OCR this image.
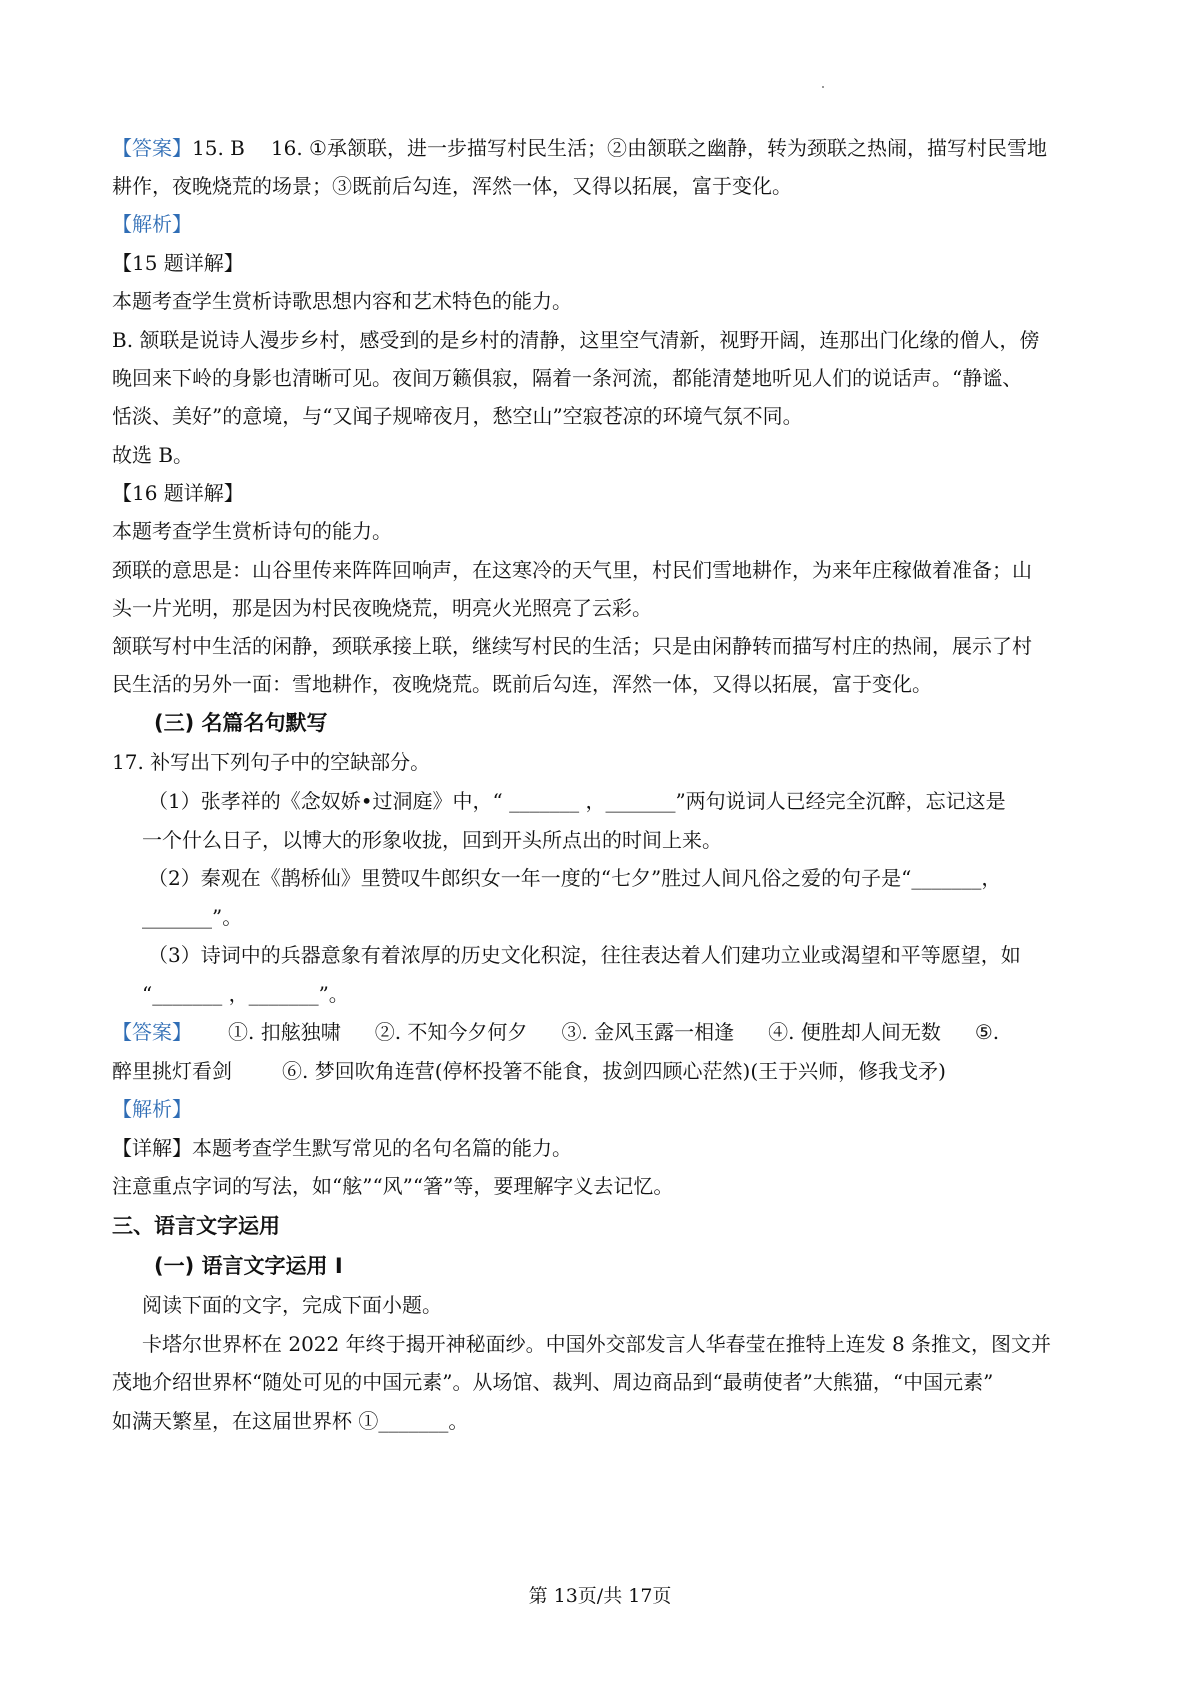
【答案】15. B 16. ①承颔联，进一步描写村民生活；②由颔联之幽静，转为颈联之热闹，描写村民雪地
耕作，夜晚烧荒的场景；③既前后勾连，浑然一体，又得以拓展，富于变化。
【解析】
【15 题详解】
本题考查学生赏析诗歌思想内容和艺术特色的能力。
B. 颔联是说诗人漫步乡村，感受到的是乡村的清静，这里空气清新，视野开阔，连那出门化缘的僧人，傍
晚回来下岭的身影也清晰可见。夜间万籁俱寂，隔着一条河流，都能清楚地听见人们的说话声。“静谧、
恬淡、美好”的意境，与“又闻子规啼夜月，愁空山”空寂苍凉的环境气氛不同。
故选 B。
【16 题详解】
本题考查学生赏析诗句的能力。
颈联的意思是：山谷里传来阵阵回响声，在这寒冷的天气里，村民们雪地耕作，为来年庄稼做着准备；山
头一片光明，那是因为村民夜晚烧荒，明亮火光照亮了云彩。
颔联写村中生活的闲静，颈联承接上联，继续写村民的生活；只是由闲静转而描写村庄的热闹，展示了村
民生活的另外一面：雪地耕作，夜晚烧荒。既前后勾连，浑然一体，又得以拓展，富于变化。
(三) 名篇名句默写
17. 补写出下列句子中的空缺部分。
（1）张孝祥的《念奴娇•过洞庭》中，“ _______ ，_______”两句说词人已经完全沉醉，忘记这是
一个什么日子，以博大的形象收拢，回到开头所点出的时间上来。
（2）秦观在《鹊桥仙》里赞叹牛郎织女一年一度的“七夕”胜过人间凡俗之爱的句子是“_______，
_______”。
（3）诗词中的兵器意象有着浓厚的历史文化积淀，往往表达着人们建功立业或渴望和平等愿望，如
“_______ ，_______”。
【答案】 ①. 扣舷独啸 ②. 不知今夕何夕 ③. 金风玉露一相逢 ④. 便胜却人间无数 ⑤.
醉里挑灯看剑	⑥. 梦回吹角连营(停杯投箸不能食，拔剑四顾心茫然)(王于兴师，修我戈矛)
【解析】
【详解】本题考查学生默写常见的名句名篇的能力。
注意重点字词的写法，如“舷”“风”“箸”等，要理解字义去记忆。
三、语言文字运用
(一) 语言文字运用 I
阅读下面的文字，完成下面小题。
卡塔尔世界杯在 2022 年终于揭开神秘面纱。中国外交部发言人华春莹在推特上连发 8 条推文，图文并
茂地介绍世界杯“随处可见的中国元素”。从场馆、裁判、周边商品到“最萌使者”大熊猫，“中国元素”
如满天繁星，在这届世界杯 ①_______。
第 13页/共 17页
